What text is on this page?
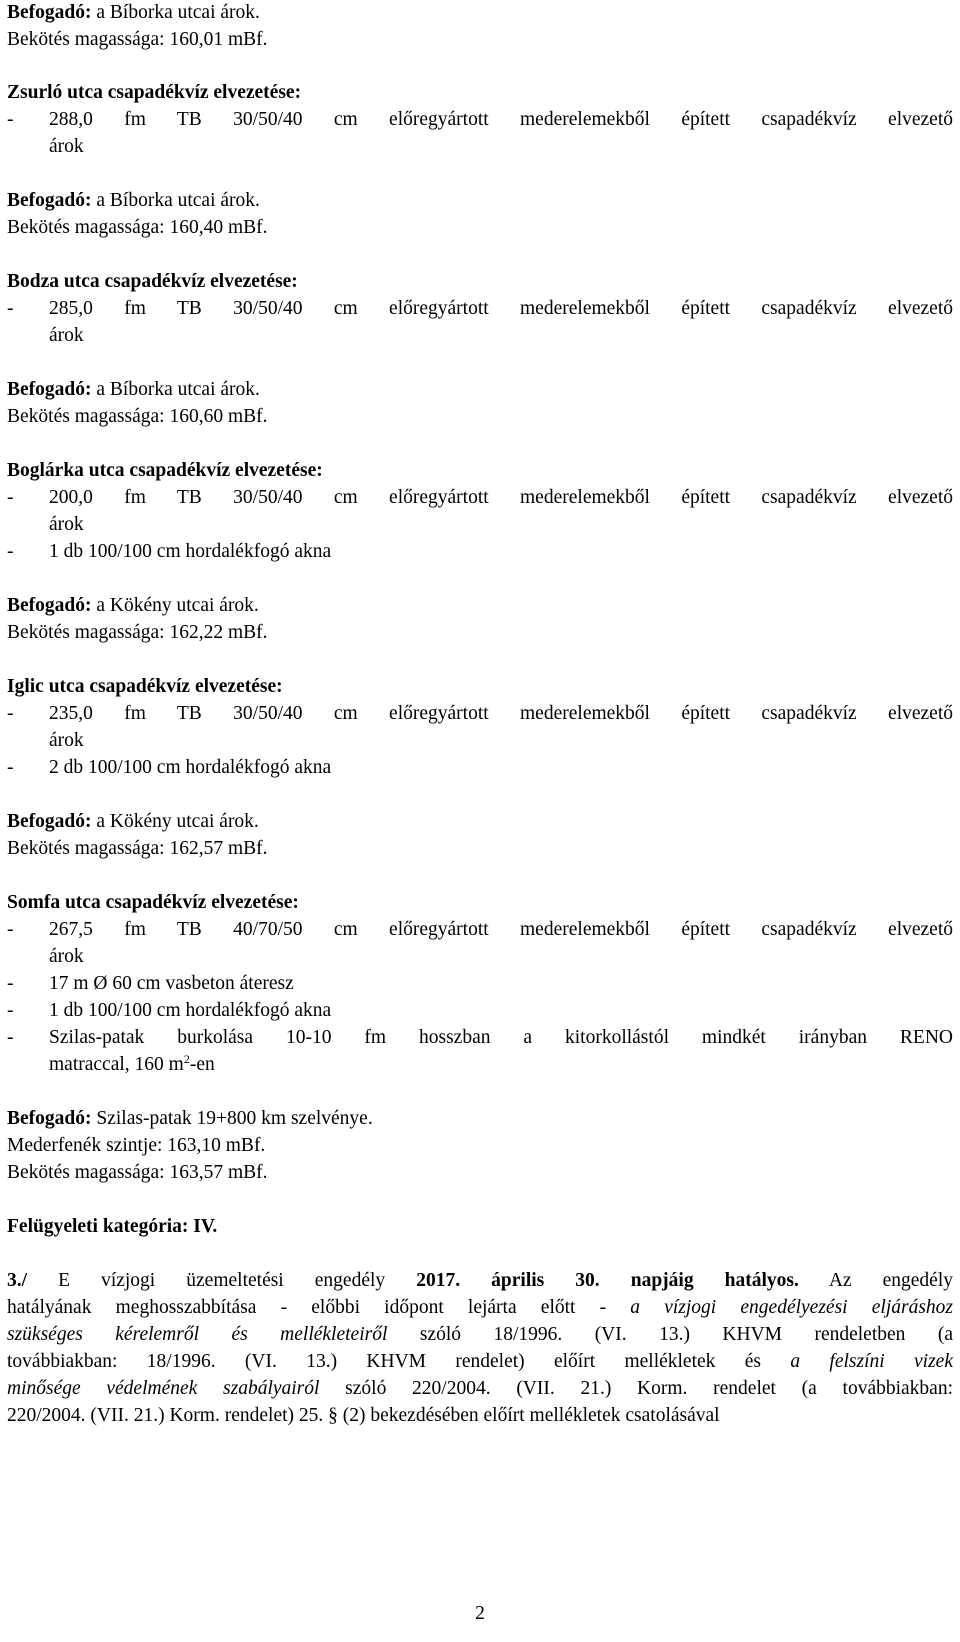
Befogadó: a Bíborka utcai árok.
Bekötés magassága: 160,01 mBf.
Zsurló utca csapadékvíz elvezetése:
- 288,0 fm TB 30/50/40 cm előregyártott mederelemekből épített csapadékvíz elvezető
árok
Befogadó: a Bíborka utcai árok.
Bekötés magassága: 160,40 mBf.
Bodza utca csapadékvíz elvezetése:
- 285,0 fm TB 30/50/40 cm előregyártott mederelemekből épített csapadékvíz elvezető
árok
Befogadó: a Bíborka utcai árok.
Bekötés magassága: 160,60 mBf.
Boglárka utca csapadékvíz elvezetése:
- 200,0 fm TB 30/50/40 cm előregyártott mederelemekből épített csapadékvíz elvezető
árok
- 1 db 100/100 cm hordalékfogó akna
Befogadó: a Kökény utcai árok.
Bekötés magassága: 162,22 mBf.
Iglic utca csapadékvíz elvezetése:
- 235,0 fm TB 30/50/40 cm előregyártott mederelemekből épített csapadékvíz elvezető
árok
- 2 db 100/100 cm hordalékfogó akna
Befogadó: a Kökény utcai árok.
Bekötés magassága: 162,57 mBf.
Somfa utca csapadékvíz elvezetése:
- 267,5 fm TB 40/70/50 cm előregyártott mederelemekből épített csapadékvíz elvezető
árok
- 17 m Ø 60 cm vasbeton áteresz
- 1 db 100/100 cm hordalékfogó akna
- Szilas-patak burkolása 10-10 fm hosszban a kitorkollástól mindkét irányban RENO
matraccal, 160 $m^2-en$
Befogadó: Szilas-patak 19+800 km szelvénye.
Mederfenék szintje: 163,10 mBf.
Bekötés magassága: 163,57 mBf.
Felügyeleti kategória: IV.
3./ E vízjogi üzemeltetési engedély 2017. április 30. napjáig hatályos. Az engedély
hatályának meghosszabbítása - előbbi időpont lejárta előtt - a vízjogi engedélyezési eljáráshoz
szükséges kérelemről és mellékleteiről szóló 18/1996. (VI. 13.) KHVM rendeletben (a
továbbiakban: 18/1996. (VI. 13.) KHVM rendelet) előírt mellékletek és a felszíni vizek
minősége védelmének szabályairól szóló 220/2004. (VII. 21.) Korm. rendelet (a továbbiakban:
220/2004. (VII. 21.) Korm. rendelet) 25. § (2) bekezdésében előírt mellékletek csatolásával
2
